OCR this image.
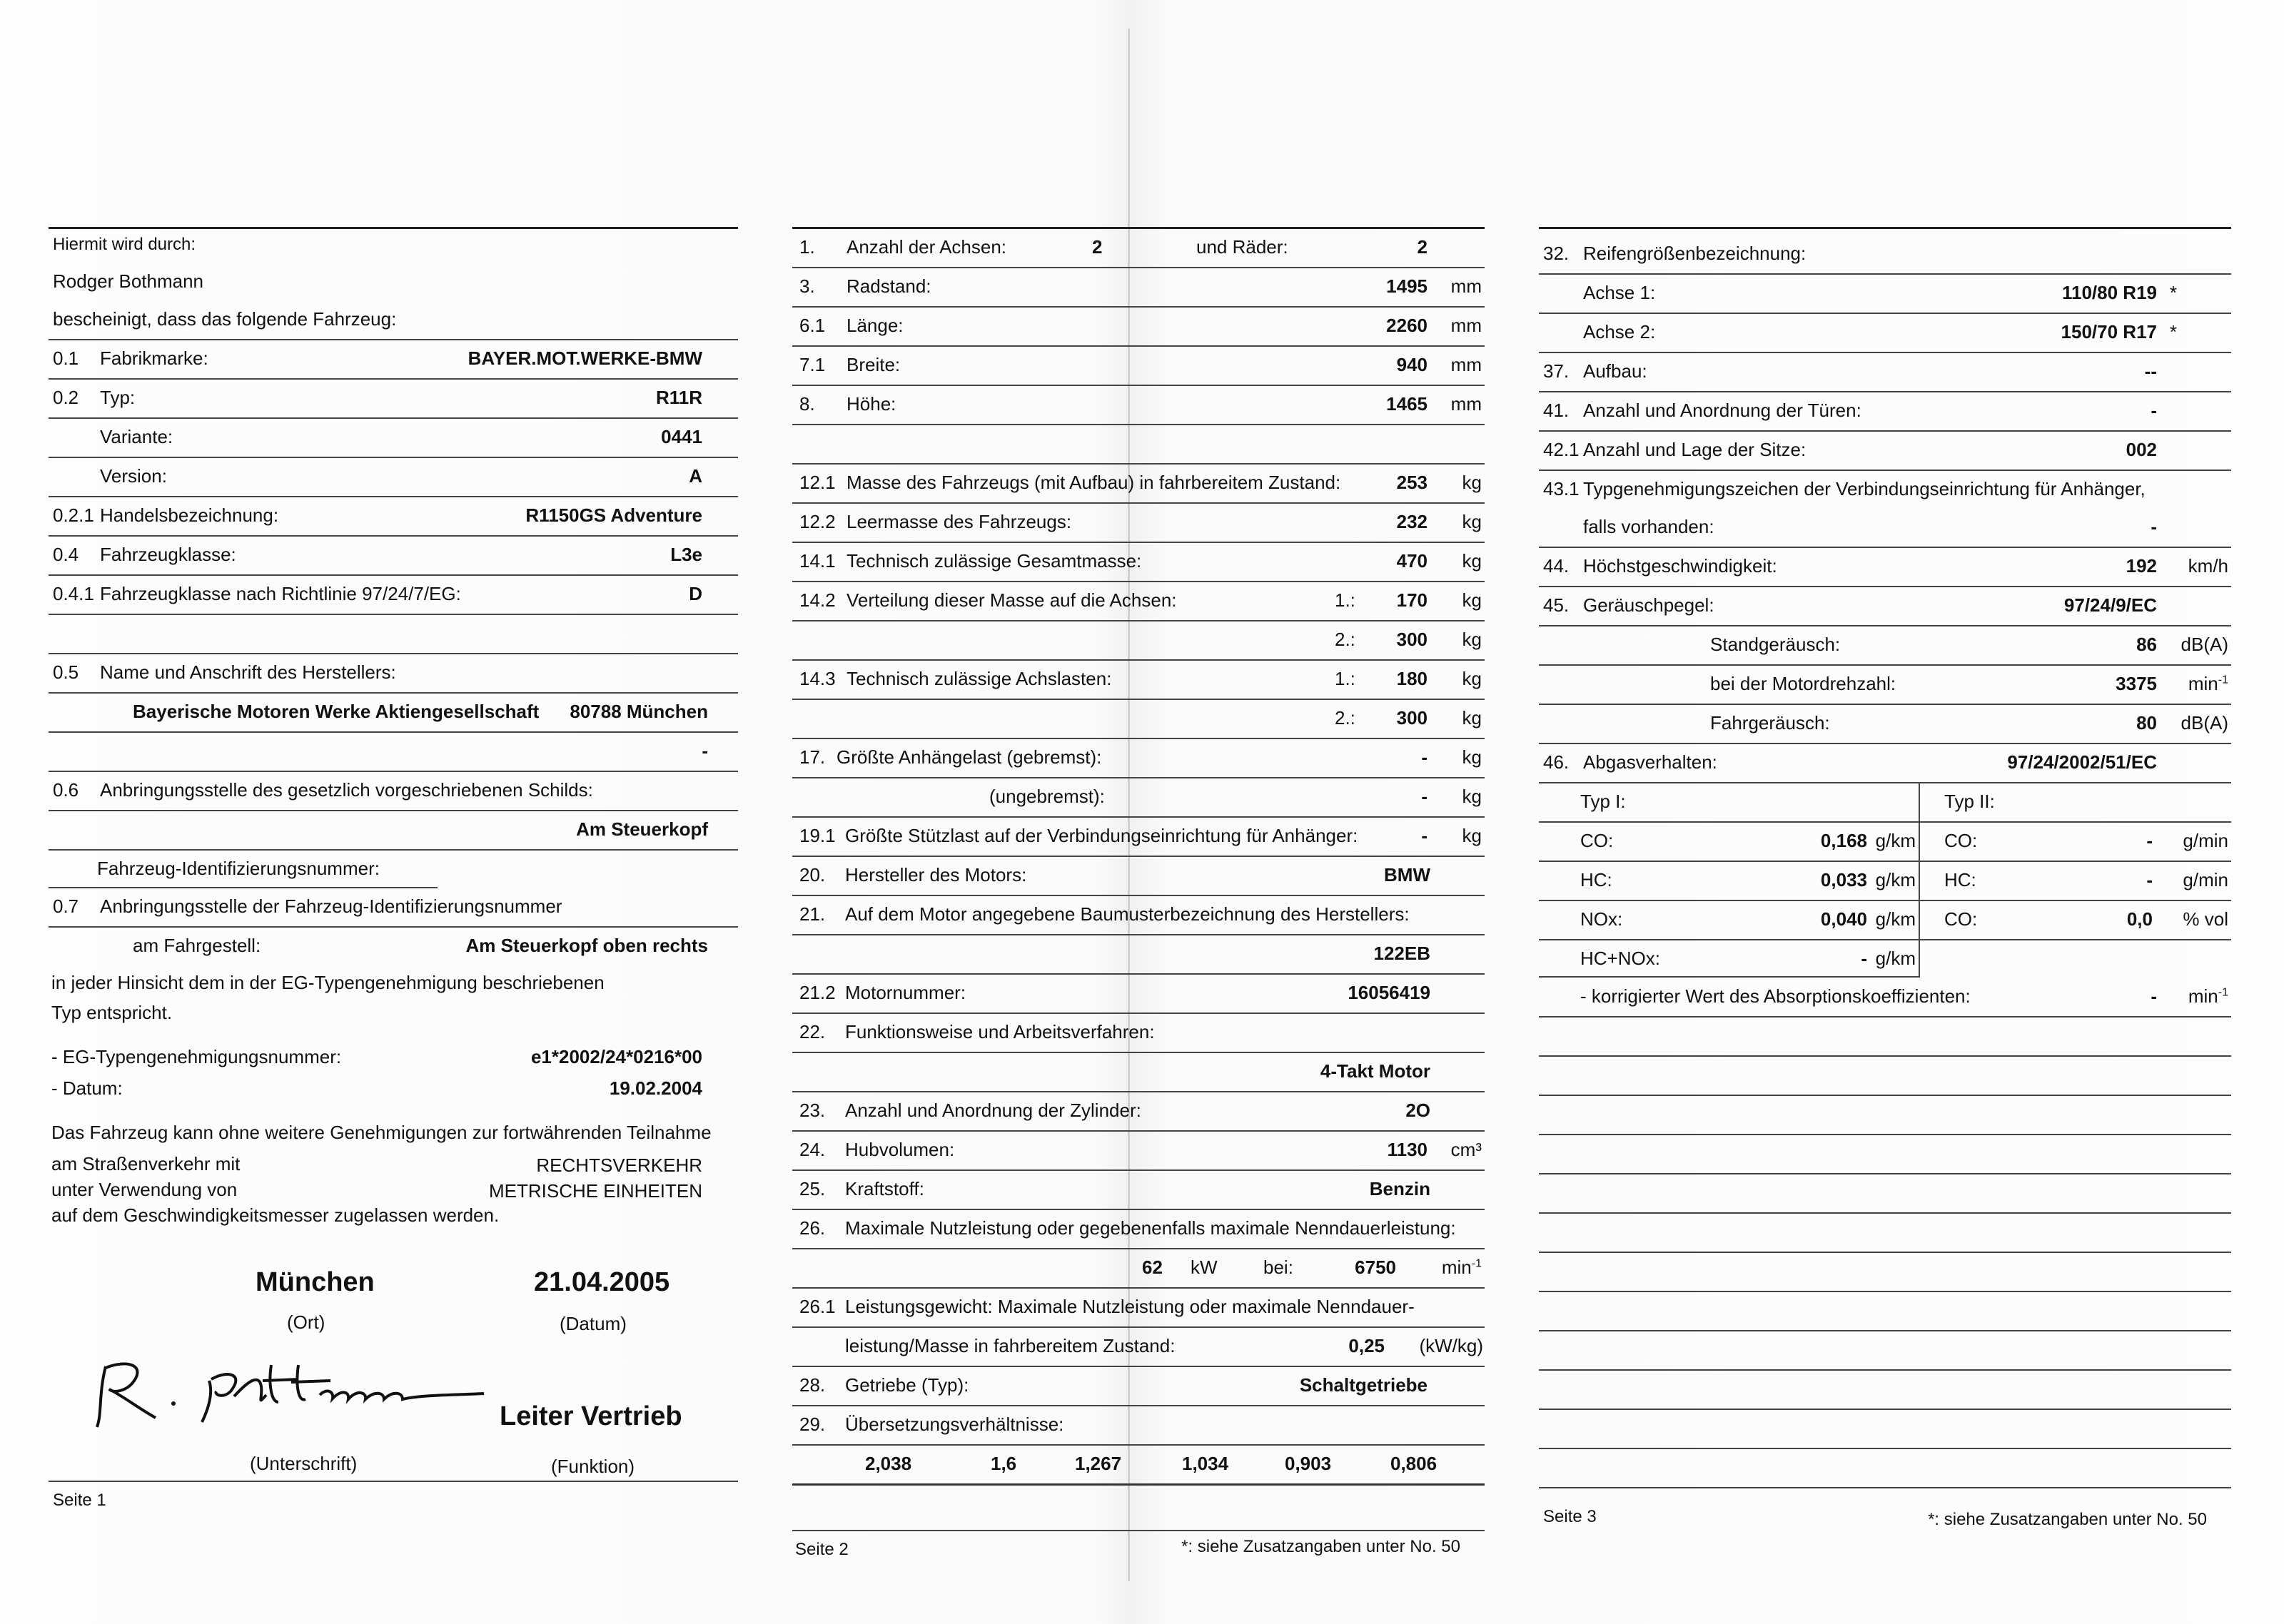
Hiermit wird durch:
Rodger Bothmann
bescheinigt, dass das folgende Fahrzeug:
0.1 Fabrikmarke:	BAYER.MOT.WERKE-BMW
0.2 Typ:	R11R
Variante:	0441
Version:	A
0.2.1 Handelsbezeichnung:	R1150GS Adventure
0.4 Fahrzeugklasse:	L3e
0.4.1 Fahrzeugklasse nach Richtlinie 97/24/7/EG:	D
0.5 Name und Anschrift des Herstellers:
Bayerische Motoren Werke Aktiengesellschaft 80788 München
-
0.6 Anbringungsstelle des gesetzlich vorgeschriebenen Schilds:
Am Steuerkopf
Fahrzeug-Identifizierungsnummer:
0.7 Anbringungsstelle der Fahrzeug-Identifizierungsnummer
am Fahrgestell:	Am Steuerkopf oben rechts
in jeder Hinsicht dem in der EG-Typengenehmigung beschriebenen
Typ entspricht.
- EG-Typengenehmigungsnummer:	e1*2002/24*0216*00
- Datum:	19.02.2004
Das Fahrzeug kann ohne weitere Genehmigungen zur fortwährenden Teilnahme
am Straßenverkehr mit	RECHTSVERKEHR
unter Verwendung von	METRISCHE EINHEITEN
auf dem Geschwindigkeitsmesser zugelassen werden.
München	21.04.2005
(Ort)	(Datum)
Leiter Vertrieb
(Unterschrift)	(Funktion)
Seite 1
1. Anzahl der Achsen:	2	und Räder:	2
3. Radstand:	1495 mm
6.1 Länge:	2260 mm
7.1 Breite:	940 mm
8. Höhe:	1465 mm
12.1 Masse des Fahrzeugs (mit Aufbau) in fahrbereitem Zustand:	253 kg
12.2 Leermasse des Fahrzeugs:	232 kg
14.1 Technisch zulässige Gesamtmasse:	470 kg
14.2 Verteilung dieser Masse auf die Achsen:	1.: 170 kg
2.: 300 kg
14.3 Technisch zulässige Achslasten:	1.: 180 kg
2.: 300 kg
17. Größte Anhängelast (gebremst):	- kg
(ungebremst):	- kg
19.1 Größte Stützlast auf der Verbindungseinrichtung für Anhänger:	- kg
20. Hersteller des Motors:	BMW
21. Auf dem Motor angegebene Baumusterbezeichnung des Herstellers:
122EB
21.2 Motornummer:	16056419
22. Funktionsweise und Arbeitsverfahren:
4-Takt Motor
23. Anzahl und Anordnung der Zylinder:	2O
24. Hubvolumen:	1130 cm³
25. Kraftstoff:	Benzin
26. Maximale Nutzleistung oder gegebenenfalls maximale Nenndauerleistung:
62 kW bei:	6750 $\min^{-1}$
26.1 Leistungsgewicht: Maximale Nutzleistung oder maximale Nenndauer-
leistung/Masse in fahrbereitem Zustand:	0,25 (kW/kg)
28. Getriebe (Typ):	Schaltgetriebe
29. Übersetzungsverhältnisse:
2,038	1,6	1,267	1,034	0,903	0,806
Seite 2	*: siehe Zusatzangaben unter No. 50
32. Reifengrößenbezeichnung:
Achse 1:	110/80 R19 *
Achse 2:	150/70 R17 *
37. Aufbau:	--
41. Anzahl und Anordnung der Türen:	-
42.1 Anzahl und Lage der Sitze:	002
43.1 Typgenehmigungszeichen der Verbindungseinrichtung für Anhänger,
falls vorhanden:	-
44. Höchstgeschwindigkeit:	192 km/h
45. Geräuschpegel:	97/24/9/EC
Standgeräusch:	86 dB(A)
bei der Motordrehzahl:	3375 $\min^{-1}$
Fahrgeräusch:	80 dB(A)
46. Abgasverhalten:	97/24/2002/51/EC
Typ I:	Typ II:
CO:	0,168 g/km CO:	- g/min
HC:	0,033 g/km HC:	- g/min
NOx:	0,040 g/km CO:	0,0 % vol
HC+NOx:	- g/km
- korrigierter Wert des Absorptionskoeffizienten:	- $\min^{-1}$
Seite 3	*: siehe Zusatzangaben unter No. 50
